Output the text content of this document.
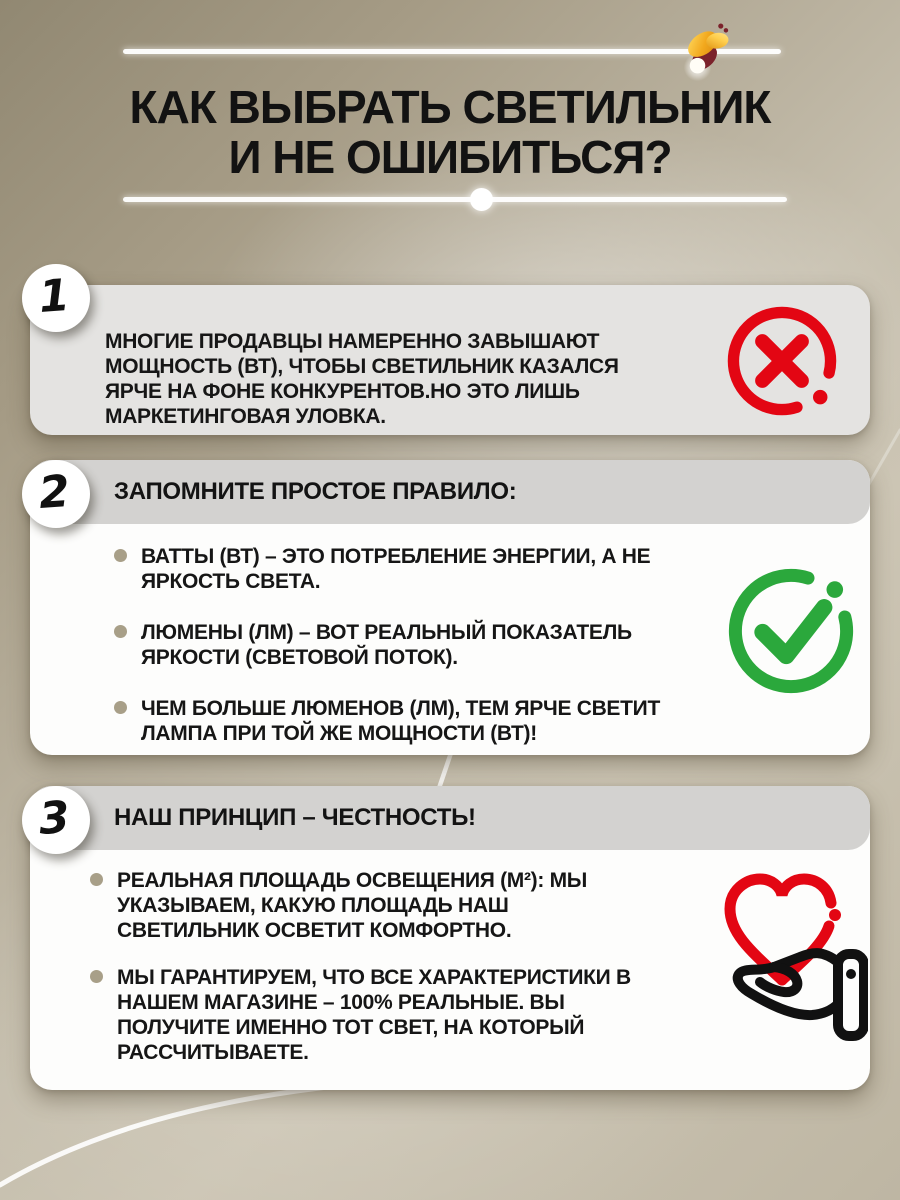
КАК ВЫБРАТЬ СВЕТИЛЬНИК
И НЕ ОШИБИТЬСЯ?

МНОГИЕ ПРОДАВЦЫ НАМЕРЕННО ЗАВЫШАЮТ МОЩНОСТЬ (ВТ), ЧТОБЫ СВЕТИЛЬНИК КАЗАЛСЯ ЯРЧЕ НА ФОНЕ КОНКУРЕНТОВ.НО ЭТО ЛИШЬ МАРКЕТИНГОВАЯ УЛОВКА.

1
ЗАПОМНИТЕ ПРОСТОЕ ПРАВИЛО:
ВАТТЫ (ВТ) – ЭТО ПОТРЕБЛЕНИЕ ЭНЕРГИИ, А НЕ ЯРКОСТЬ СВЕТА.
ЛЮМЕНЫ (ЛМ) – ВОТ РЕАЛЬНЫЙ ПОКАЗАТЕЛЬ ЯРКОСТИ (СВЕТОВОЙ ПОТОК).
ЧЕМ БОЛЬШЕ ЛЮМЕНОВ (ЛМ), ТЕМ ЯРЧЕ СВЕТИТ ЛАМПА ПРИ ТОЙ ЖЕ МОЩНОСТИ (ВТ)!
2
НАШ ПРИНЦИП – ЧЕСТНОСТЬ!
РЕАЛЬНАЯ ПЛОЩАДЬ ОСВЕЩЕНИЯ (М²): МЫ УКАЗЫВАЕМ, КАКУЮ ПЛОЩАДЬ НАШ СВЕТИЛЬНИК ОСВЕТИТ КОМФОРТНО.
МЫ ГАРАНТИРУЕМ, ЧТО ВСЕ ХАРАКТЕРИСТИКИ В НАШЕМ МАГАЗИНЕ – 100% РЕАЛЬНЫЕ. ВЫ ПОЛУЧИТЕ ИМЕННО ТОТ СВЕТ, НА КОТОРЫЙ РАССЧИТЫВАЕТЕ.
3
